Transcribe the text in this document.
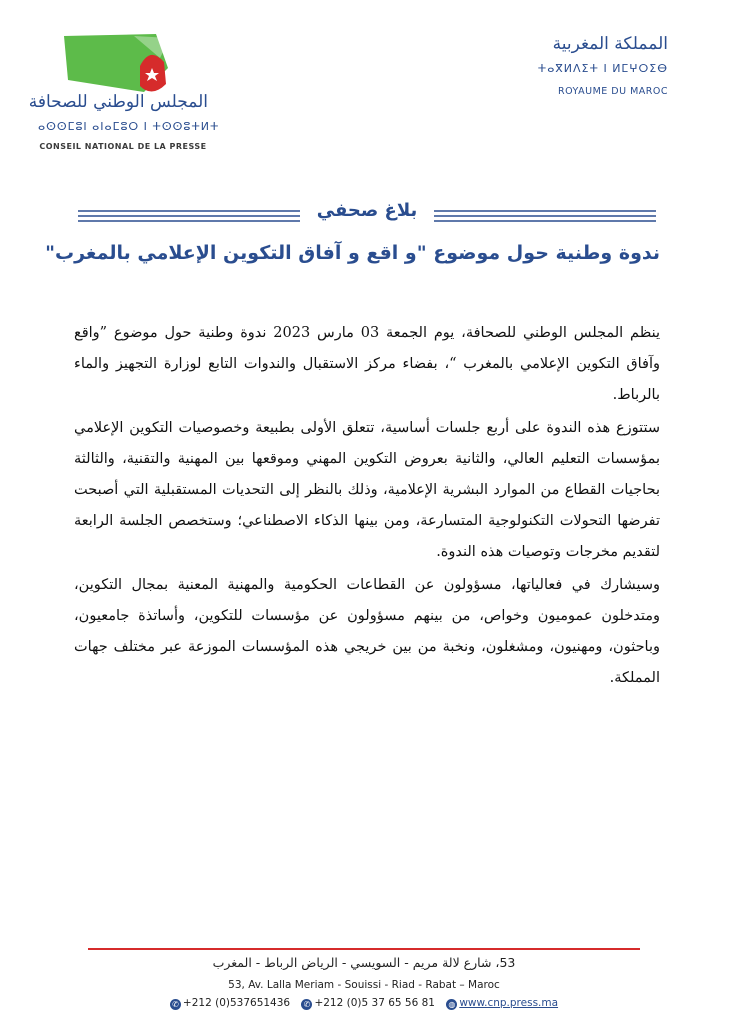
المجلس الوطني للصحافة
ⴰⵙⵙⵎⵓⵏ ⴰⵏⴰⵎⵓⵔ ⵏ ⵜⵙⵙⵓⵜⵍⵜ
CONSEIL NATIONAL DE LA PRESSE
المملكة المغربية
ⵜⴰⴳⵍⴷⵉⵜ ⵏ ⵍⵎⵖⵔⵉⴱ
ROYAUME DU MAROC
بلاغ صحفي
ندوة وطنية حول موضوع "و اقع و آفاق التكوين الإعلامي بالمغرب"

ينظم المجلس الوطني للصحافة، يوم الجمعة 03 مارس 2023 ندوة وطنية حول موضوع ”واقع وآفاق التكوين الإعلامي بالمغرب “، بفضاء مركز الاستقبال والندوات التابع لوزارة التجهيز والماء بالرباط.

ستتوزع هذه الندوة على أربع جلسات أساسية، تتعلق الأولى بطبيعة وخصوصيات التكوين الإعلامي بمؤسسات التعليم العالي، والثانية بعروض التكوين المهني وموقعها بين المهنية والتقنية، والثالثة بحاجيات القطاع من الموارد البشرية الإعلامية، وذلك بالنظر إلى التحديات المستقبلية التي أصبحت تفرضها التحولات التكنولوجية المتسارعة، ومن بينها الذكاء الاصطناعي؛ وستخصص الجلسة الرابعة لتقديم مخرجات وتوصيات هذه الندوة.

وسيشارك في فعالياتها، مسؤولون عن القطاعات الحكومية والمهنية المعنية بمجال التكوين، ومتدخلون عموميون وخواص، من بينهم مسؤولون عن مؤسسات للتكوين، وأساتذة جامعيون، وباحثون، ومهنيون، ومشغلون، ونخبة من بين خريجي هذه المؤسسات الموزعة عبر مختلف جهات المملكة.

53، شارع لالة مريم - السويسي - الرياض الرباط - المغرب
53, Av. Lalla Meriam - Souissi - Riad - Rabat – Maroc
✆ +212 (0)537651436 ✆ +212 (0)5 37 65 56 81 ◍ www.cnp.press.ma
